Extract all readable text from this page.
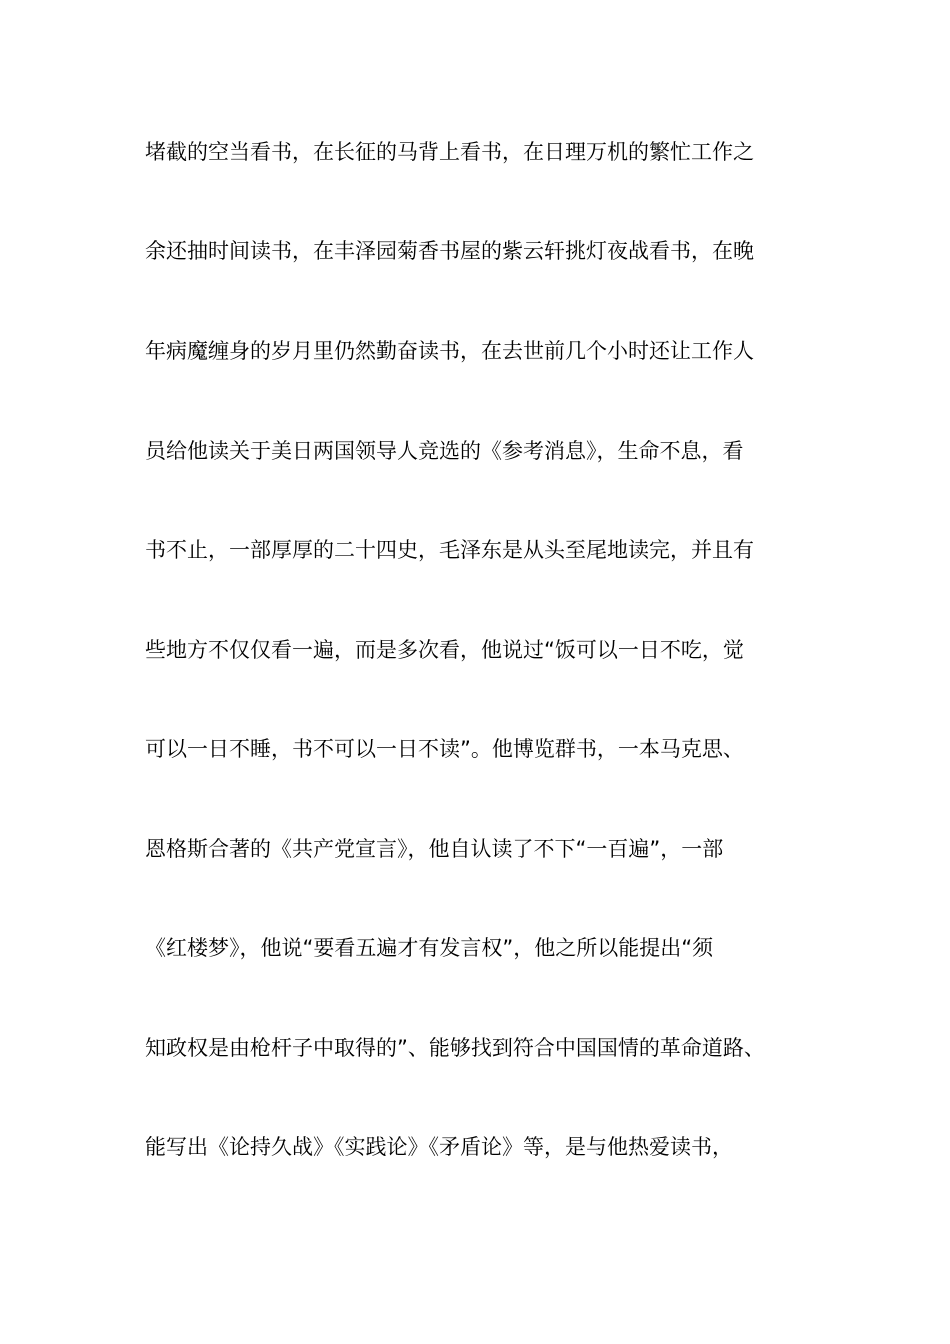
堵截的空当看书，在长征的马背上看书，在日理万机的繁忙工作之
余还抽时间读书，在丰泽园菊香书屋的紫云轩挑灯夜战看书，在晚
年病魔缠身的岁月里仍然勤奋读书，在去世前几个小时还让工作人
员给他读关于美日两国领导人竞选的《参考消息》，生命不息，看
书不止，一部厚厚的二十四史，毛泽东是从头至尾地读完，并且有
些地方不仅仅看一遍，而是多次看，他说过“饭可以一日不吃，觉
可以一日不睡，书不可以一日不读”。他博览群书，一本马克思、
恩格斯合著的《共产党宣言》，他自认读了不下“一百遍”，一部
《红楼梦》，他说“要看五遍才有发言权”，他之所以能提出“须
知政权是由枪杆子中取得的”、能够找到符合中国国情的革命道路、
能写出《论持久战》《实践论》《矛盾论》等，是与他热爱读书，
